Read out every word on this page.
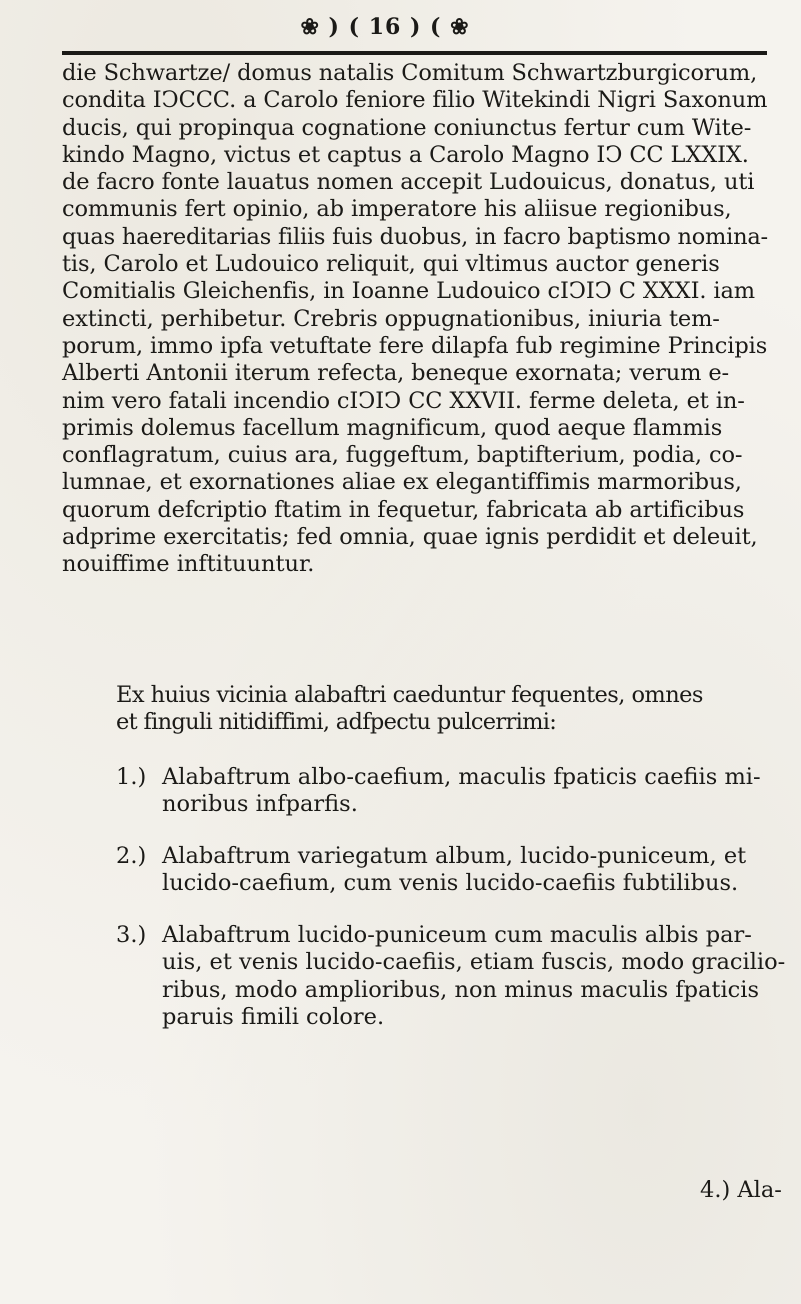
❀ ) ( 16 ) ( ❀
die Schwartze/ domus natalis Comitum Schwartzburgicorum,
condita IↃCCC. a Carolo feniore filio Witekindi Nigri Saxonum
ducis, qui propinqua cognatione coniunctus fertur cum Wite-
kindo Magno, victus et captus a Carolo Magno IↃ CC LXXIX.
de facro fonte lauatus nomen accepit Ludouicus, donatus, uti
communis fert opinio, ab imperatore his aliisue regionibus,
quas haereditarias filiis fuis duobus, in facro baptismo nomina-
tis, Carolo et Ludouico reliquit, qui vltimus auctor generis
Comitialis Gleichenfis, in Ioanne Ludouico cIↃIↃ C XXXI. iam
extincti, perhibetur. Crebris oppugnationibus, iniuria tem-
porum, immo ipfa vetuftate fere dilapfa fub regimine Principis
Alberti Antonii iterum refecta, beneque exornata; verum e-
nim vero fatali incendio cIↃIↃ CC XXVII. ferme deleta, et in-
primis dolemus facellum magnificum, quod aeque flammis
conflagratum, cuius ara, fuggeftum, baptifterium, podia, co-
lumnae, et exornationes aliae ex elegantiffimis marmoribus,
quorum defcriptio ftatim in fequetur, fabricata ab artificibus
adprime exercitatis; fed omnia, quae ignis perdidit et deleuit,
nouiffime inftituuntur.
Ex huius vicinia alabaftri caeduntur fequentes, omnes
et finguli nitidiffimi, adfpectu pulcerrimi:
1.) Alabaftrum albo-caefium, maculis fpaticis caefiis mi-
noribus infparfis.
2.) Alabaftrum variegatum album, lucido-puniceum, et
lucido-caefium, cum venis lucido-caefiis fubtilibus.
3.) Alabaftrum lucido-puniceum cum maculis albis par-
uis, et venis lucido-caefiis, etiam fuscis, modo gracilio-
ribus, modo amplioribus, non minus maculis fpaticis
paruis fimili colore.
4.) Ala-
